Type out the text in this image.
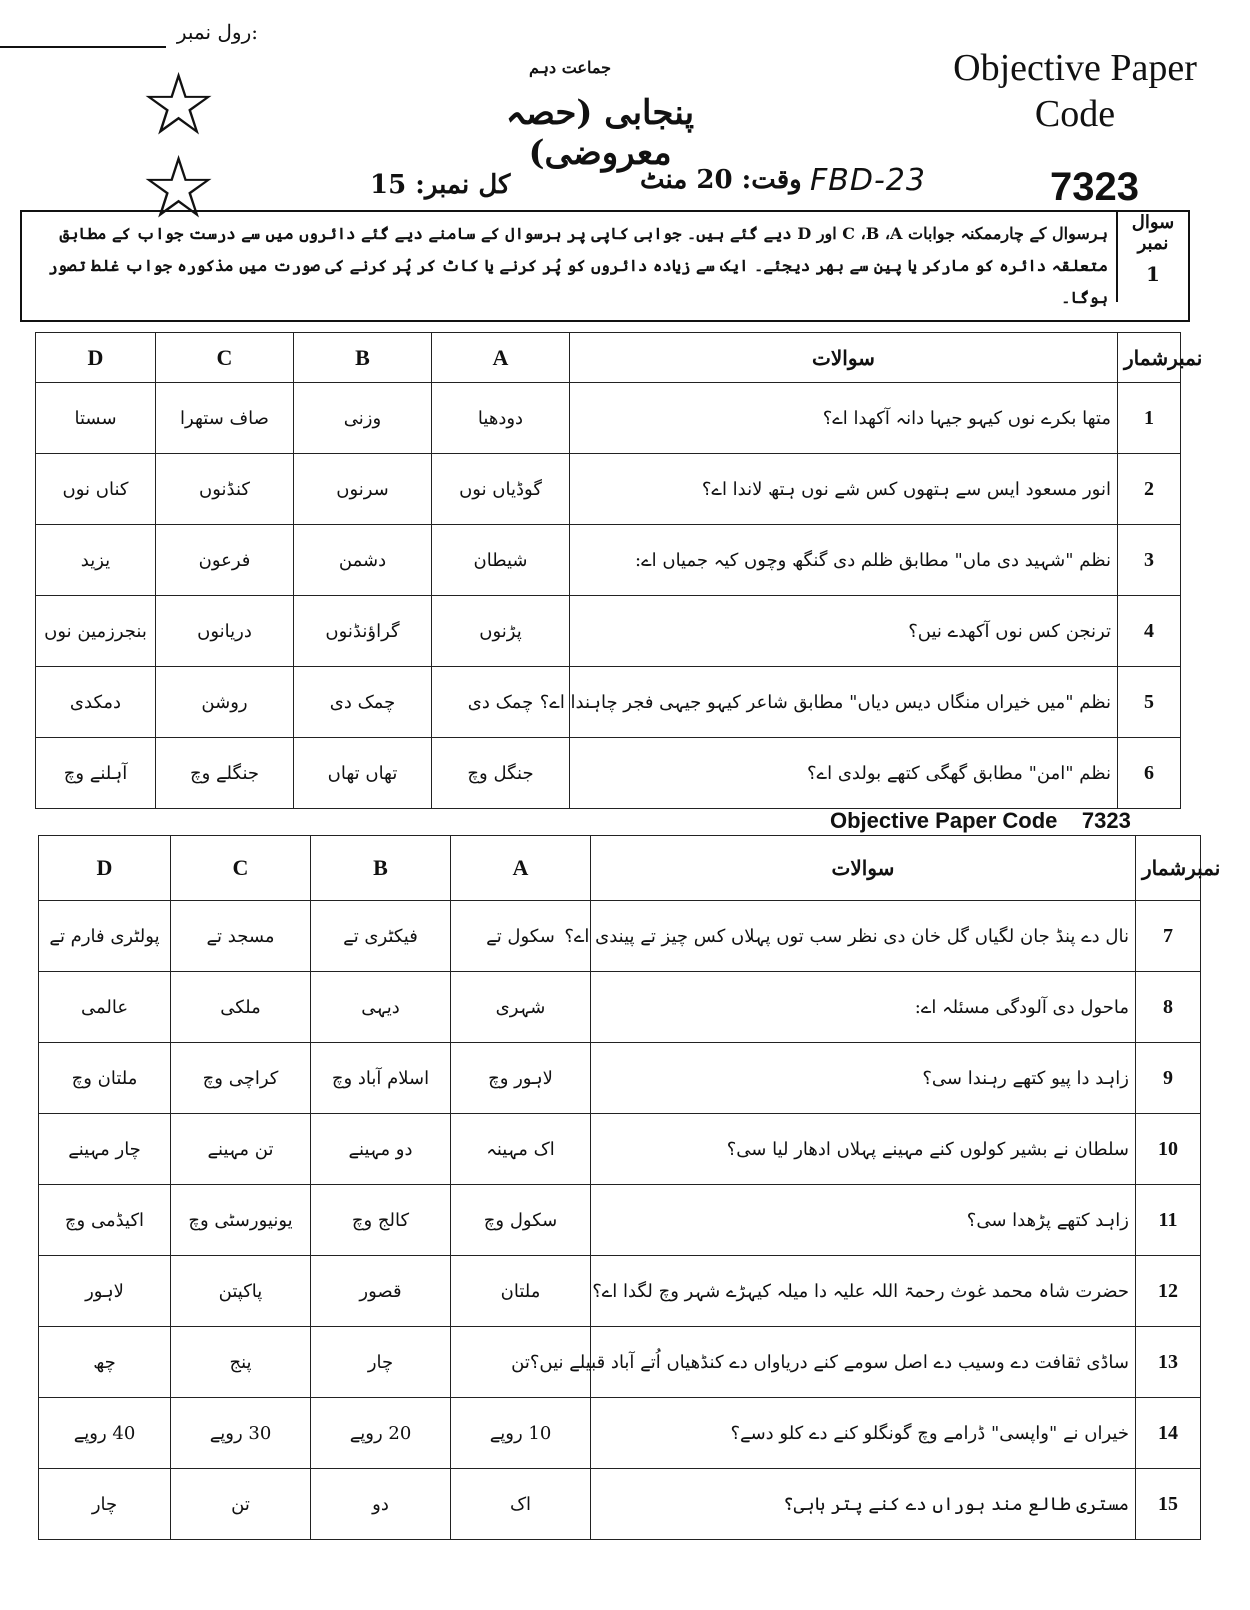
رول نمبر:
☆
☆
جماعت دہم
پنجابی (حصہ معروضی)
Objective Paper
Code
7323
FBD-23
وقت: 20 منٹ
کل نمبر: 15
سوال نمبر
1
ہرسوال کے چارممکنہ جوابات C ،B ،A اور D دیے گئے ہیں۔ جوابی کاپی پر ہرسوال کے سامنے دیے گئے دائروں میں سے درست جواب کے مطابق متعلقہ دائرہ کو مارکر یا پین سے بھر دیجئے۔ ایک سے زیادہ دائروں کو پُر کرنے یا کاٹ کر پُر کرنے کی صورت میں مذکورہ جواب غلط تصور ہوگا۔
D	C	B	A	سوالات	نمبرشمار
سستا	صاف ستھرا	وزنی	دودھیا	متھا بکرے نوں کیہو جیہا دانہ آکھدا اے؟	1
کناں نوں	کنڈنوں	سرنوں	گوڈیاں نوں	انور مسعود ایس سے ہتھوں کس شے نوں ہتھ لاندا اے؟	2
یزید	فرعون	دشمن	شیطان	نظم "شہید دی ماں" مطابق ظلم دی گنگھ وچوں کیہ جمیاں اے:	3
بنجرزمین نوں	دریانوں	گراؤنڈنوں	پڑنوں	ترنجن کس نوں آکھدے نیں؟	4
دمکدی	روشن	چمک دی	چمک دی	نظم "میں خیراں منگاں دیس دیاں" مطابق شاعر کیہو جیہی فجر چاہندا اے؟	5
آہلنے وچ	جنگلے وچ	تھاں تھاں	جنگل وچ	نظم "امن" مطابق گھگی کتھے بولدی اے؟	6
Objective Paper Code    7323
D	C	B	A	سوالات	نمبرشمار
پولٹری فارم تے	مسجد تے	فیکٹری تے	سکول تے	نال دے پنڈ جان لگیاں گل خان دی نظر سب توں پہلاں کس چیز تے پیندی اے؟	7
عالمی	ملکی	دیہی	شہری	ماحول دی آلودگی مسئلہ اے:	8
ملتان وچ	کراچی وچ	اسلام آباد وچ	لاہور وچ	زاہد دا پیو کتھے رہندا سی؟	9
چار مہینے	تن مہینے	دو مہینے	اک مہینہ	سلطان نے بشیر کولوں کنے مہینے پہلاں ادھار لیا سی؟	10
اکیڈمی وچ	یونیورسٹی وچ	کالج وچ	سکول وچ	زاہد کتھے پڑھدا سی؟	11
لاہور	پاکپتن	قصور	ملتان	حضرت شاہ محمد غوث رحمۃ اللہ علیہ دا میلہ کیہڑے شہر وچ لگدا اے؟	12
چھ	پنج	چار	تن	ساڈی ثقافت دے وسیب دے اصل سومے کنے دریاواں دے کنڈھیاں اُتے آباد قبیلے نیں؟	13
40 روپے	30 روپے	20 روپے	10 روپے	خیراں نے "واپسی" ڈرامے وچ گونگلو کنے دے کلو دسے؟	14
چار	تن	دو	اک	مستری طالع مند ہوراں دے کنے پتر ہاہی؟	15
